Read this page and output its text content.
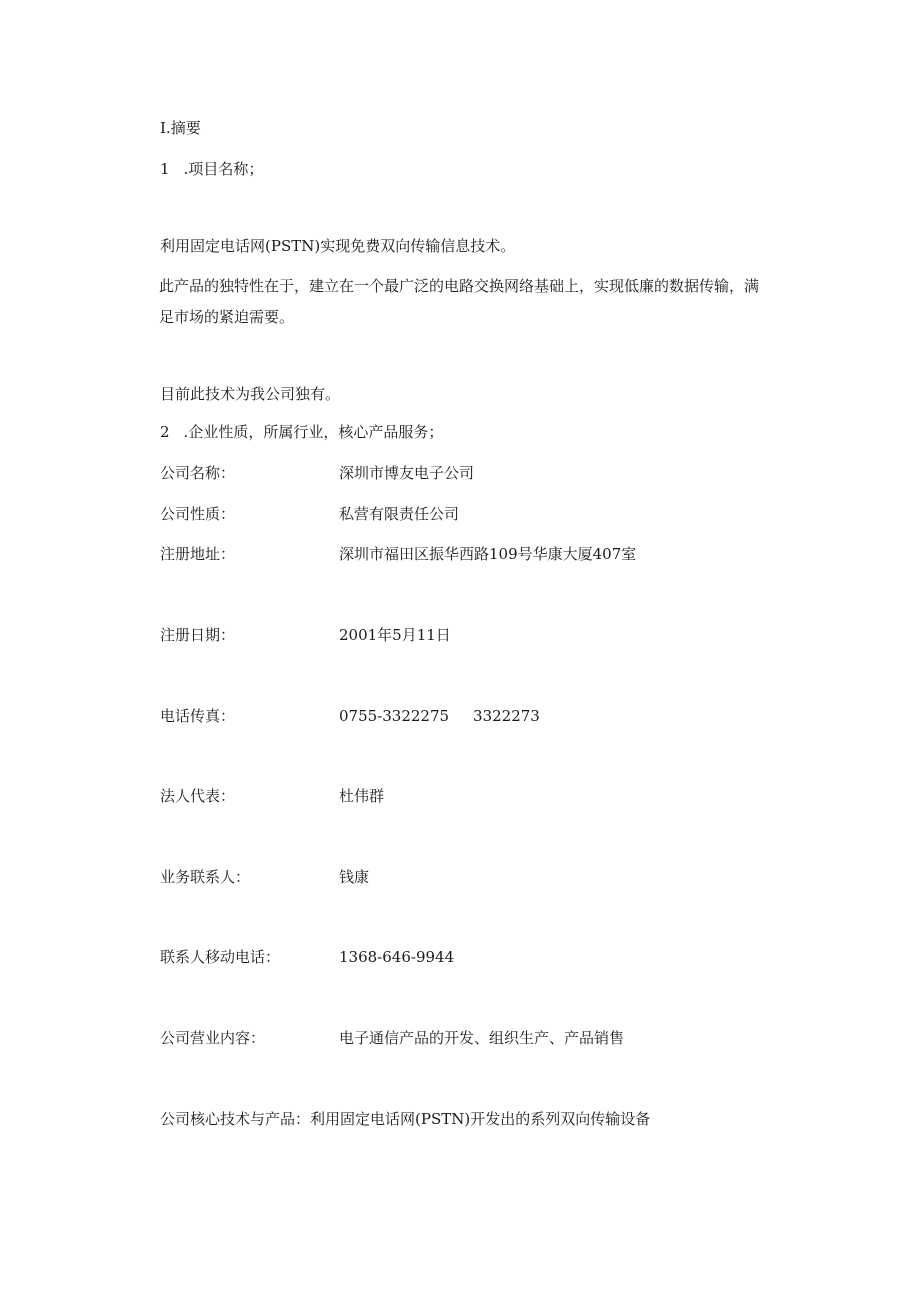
I.摘要
1 .项目名称；
利用固定电话网(PSTN)实现免费双向传输信息技术。
此产品的独特性在于，建立在一个最广泛的电路交换网络基础上，实现低廉的数据传输，满足市场的紧迫需要。
目前此技术为我公司独有。
2 .企业性质，所属行业，核心产品服务；
公司名称：	深圳市博友电子公司
公司性质：	私营有限责任公司
注册地址：	深圳市福田区振华西路109号华康大厦407室
注册日期：	2001年5月11日
电话传真：	0755-3322275 3322273
法人代表：	杜伟群
业务联系人：	钱康
联系人移动电话：	1368-646-9944
公司营业内容：	电子通信产品的开发、组织生产、产品销售
公司核心技术与产品：利用固定电话网(PSTN)开发出的系列双向传输设备
